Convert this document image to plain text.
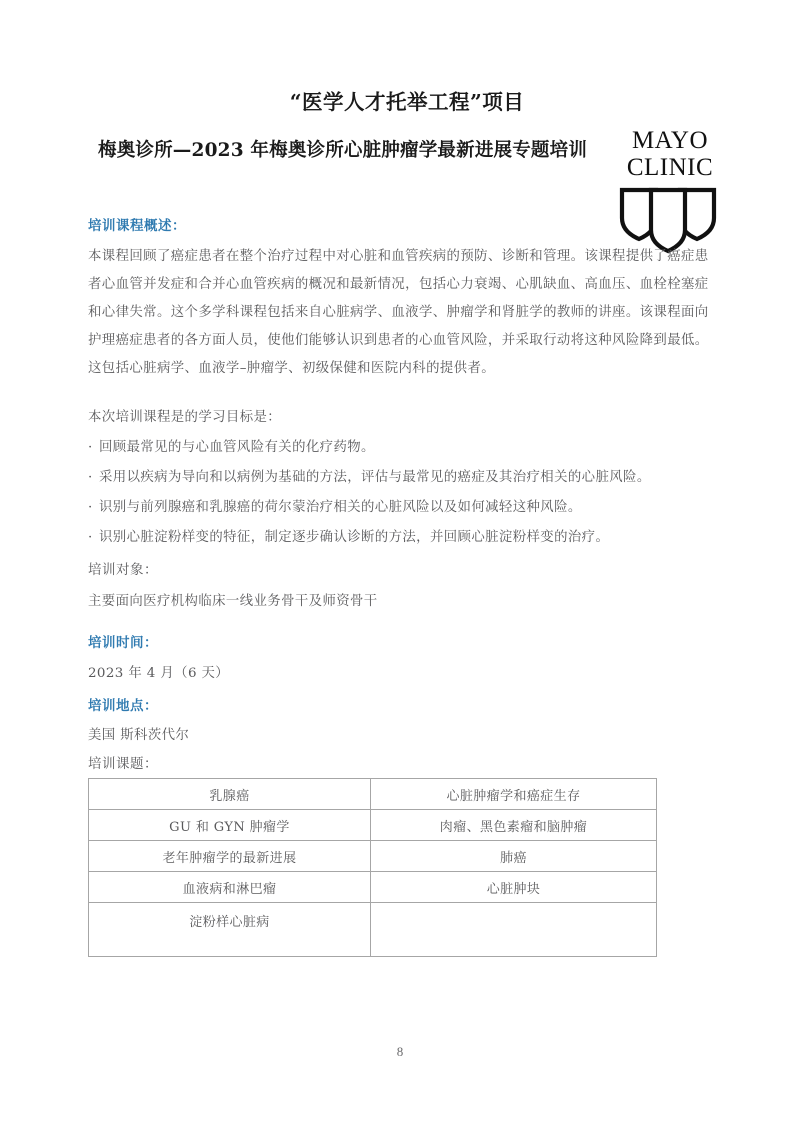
“医学人才托举工程”项目
梅奥诊所—2023 年梅奥诊所心脏肿瘤学最新进展专题培训	MAYO
CLINIC
培训课程概述：
本课程回顾了癌症患者在整个治疗过程中对心脏和血管疾病的预防、诊断和管理。该课程提供了癌症患
者心血管并发症和合并心血管疾病的概况和最新情况，包括心力衰竭、心肌缺血、高血压、血栓栓塞症
和心律失常。这个多学科课程包括来自心脏病学、血液学、肿瘤学和肾脏学的教师的讲座。该课程面向
护理癌症患者的各方面人员，使他们能够认识到患者的心血管风险，并采取行动将这种风险降到最低。
这包括心脏病学、血液学–肿瘤学、初级保健和医院内科的提供者。
本次培训课程是的学习目标是：
· 回顾最常见的与心血管风险有关的化疗药物。
· 采用以疾病为导向和以病例为基础的方法，评估与最常见的癌症及其治疗相关的心脏风险。
· 识别与前列腺癌和乳腺癌的荷尔蒙治疗相关的心脏风险以及如何减轻这种风险。
· 识别心脏淀粉样变的特征，制定逐步确认诊断的方法，并回顾心脏淀粉样变的治疗。
培训对象：
主要面向医疗机构临床一线业务骨干及师资骨干
培训时间：
2023 年 4 月（6 天）
培训地点：
美国 斯科茨代尔
培训课题：
乳腺癌	心脏肿瘤学和癌症生存
GU 和 GYN 肿瘤学	肉瘤、黑色素瘤和脑肿瘤
老年肿瘤学的最新进展	肺癌
血液病和淋巴瘤	心脏肿块
淀粉样心脏病	
8
